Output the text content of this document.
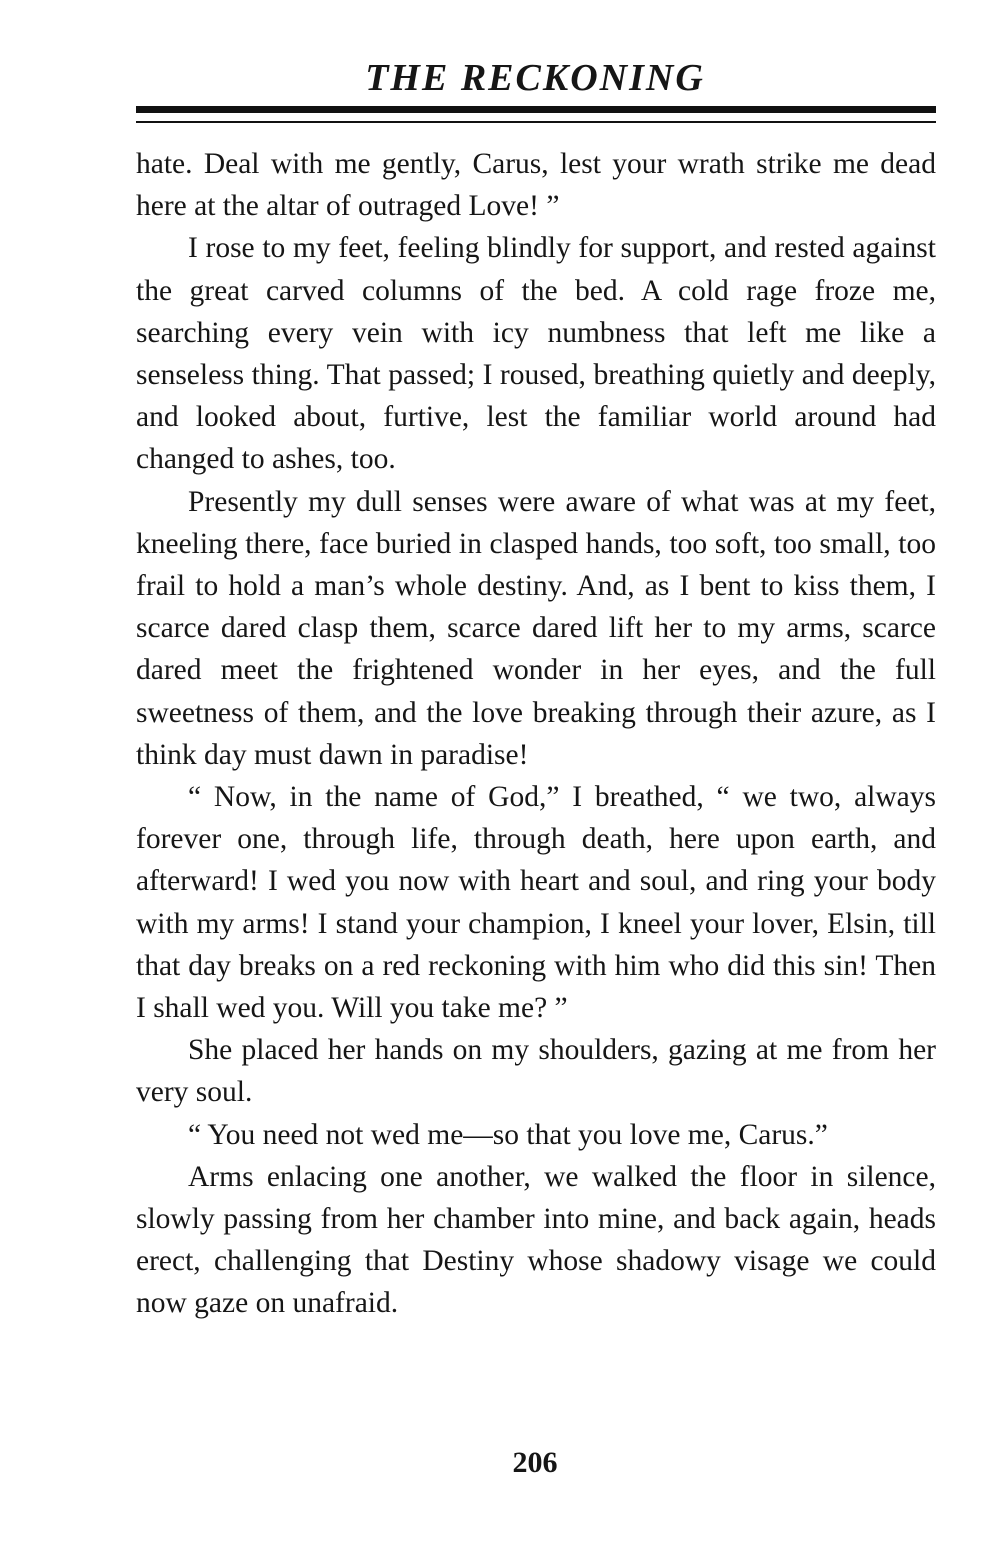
THE RECKONING

hate. Deal with me gently, Carus, lest your wrath strike me dead here at the altar of outraged Love! ”

I rose to my feet, feeling blindly for support, and rested against the great carved columns of the bed. A cold rage froze me, searching every vein with icy numbness that left me like a senseless thing. That passed; I roused, breathing quietly and deeply, and looked about, furtive, lest the familiar world around had changed to ashes, too.

Presently my dull senses were aware of what was at my feet, kneeling there, face buried in clasped hands, too soft, too small, too frail to hold a man’s whole destiny. And, as I bent to kiss them, I scarce dared clasp them, scarce dared lift her to my arms, scarce dared meet the frightened wonder in her eyes, and the full sweetness of them, and the love breaking through their azure, as I think day must dawn in paradise!

“ Now, in the name of God,” I breathed, “ we two, always forever one, through life, through death, here upon earth, and afterward! I wed you now with heart and soul, and ring your body with my arms! I stand your champion, I kneel your lover, Elsin, till that day breaks on a red reckoning with him who did this sin! Then I shall wed you. Will you take me? ”

She placed her hands on my shoulders, gazing at me from her very soul.

“ You need not wed me—so that you love me, Carus.”

Arms enlacing one another, we walked the floor in silence, slowly passing from her chamber into mine, and back again, heads erect, challenging that Destiny whose shadowy visage we could now gaze on unafraid.

206
